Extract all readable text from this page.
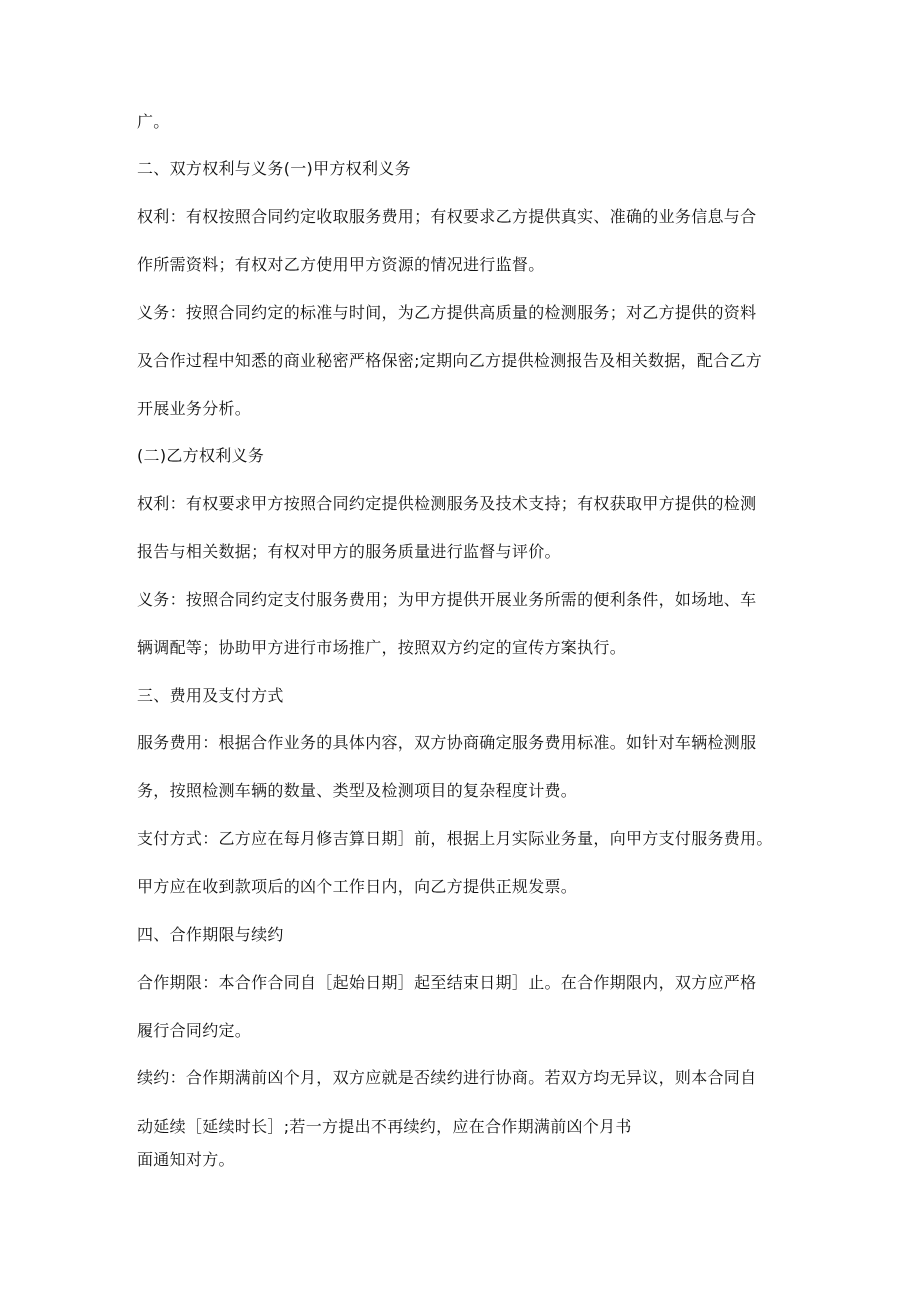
广。
二、双方权利与义务(一)甲方权利义务
权利：有权按照合同约定收取服务费用；有权要求乙方提供真实、准确的业务信息与合
作所需资料；有权对乙方使用甲方资源的情况进行监督。
义务：按照合同约定的标准与时间，为乙方提供高质量的检测服务；对乙方提供的资料
及合作过程中知悉的商业秘密严格保密;定期向乙方提供检测报告及相关数据，配合乙方
开展业务分析。
(二)乙方权利义务
权利：有权要求甲方按照合同约定提供检测服务及技术支持；有权获取甲方提供的检测
报告与相关数据；有权对甲方的服务质量进行监督与评价。
义务：按照合同约定支付服务费用；为甲方提供开展业务所需的便利条件，如场地、车
辆调配等；协助甲方进行市场推广，按照双方约定的宣传方案执行。
三、费用及支付方式
服务费用：根据合作业务的具体内容，双方协商确定服务费用标准。如针对车辆检测服
务，按照检测车辆的数量、类型及检测项目的复杂程度计费。
支付方式：乙方应在每月修吉算日期］前，根据上月实际业务量，向甲方支付服务费用。
甲方应在收到款项后的凶个工作日内，向乙方提供正规发票。
四、合作期限与续约
合作期限：本合作合同自［起始日期］起至结束日期］止。在合作期限内，双方应严格
履行合同约定。
续约：合作期满前凶个月，双方应就是否续约进行协商。若双方均无异议，则本合同自
动延续［延续时长］;若一方提出不再续约，应在合作期满前凶个月书
面通知对方。
